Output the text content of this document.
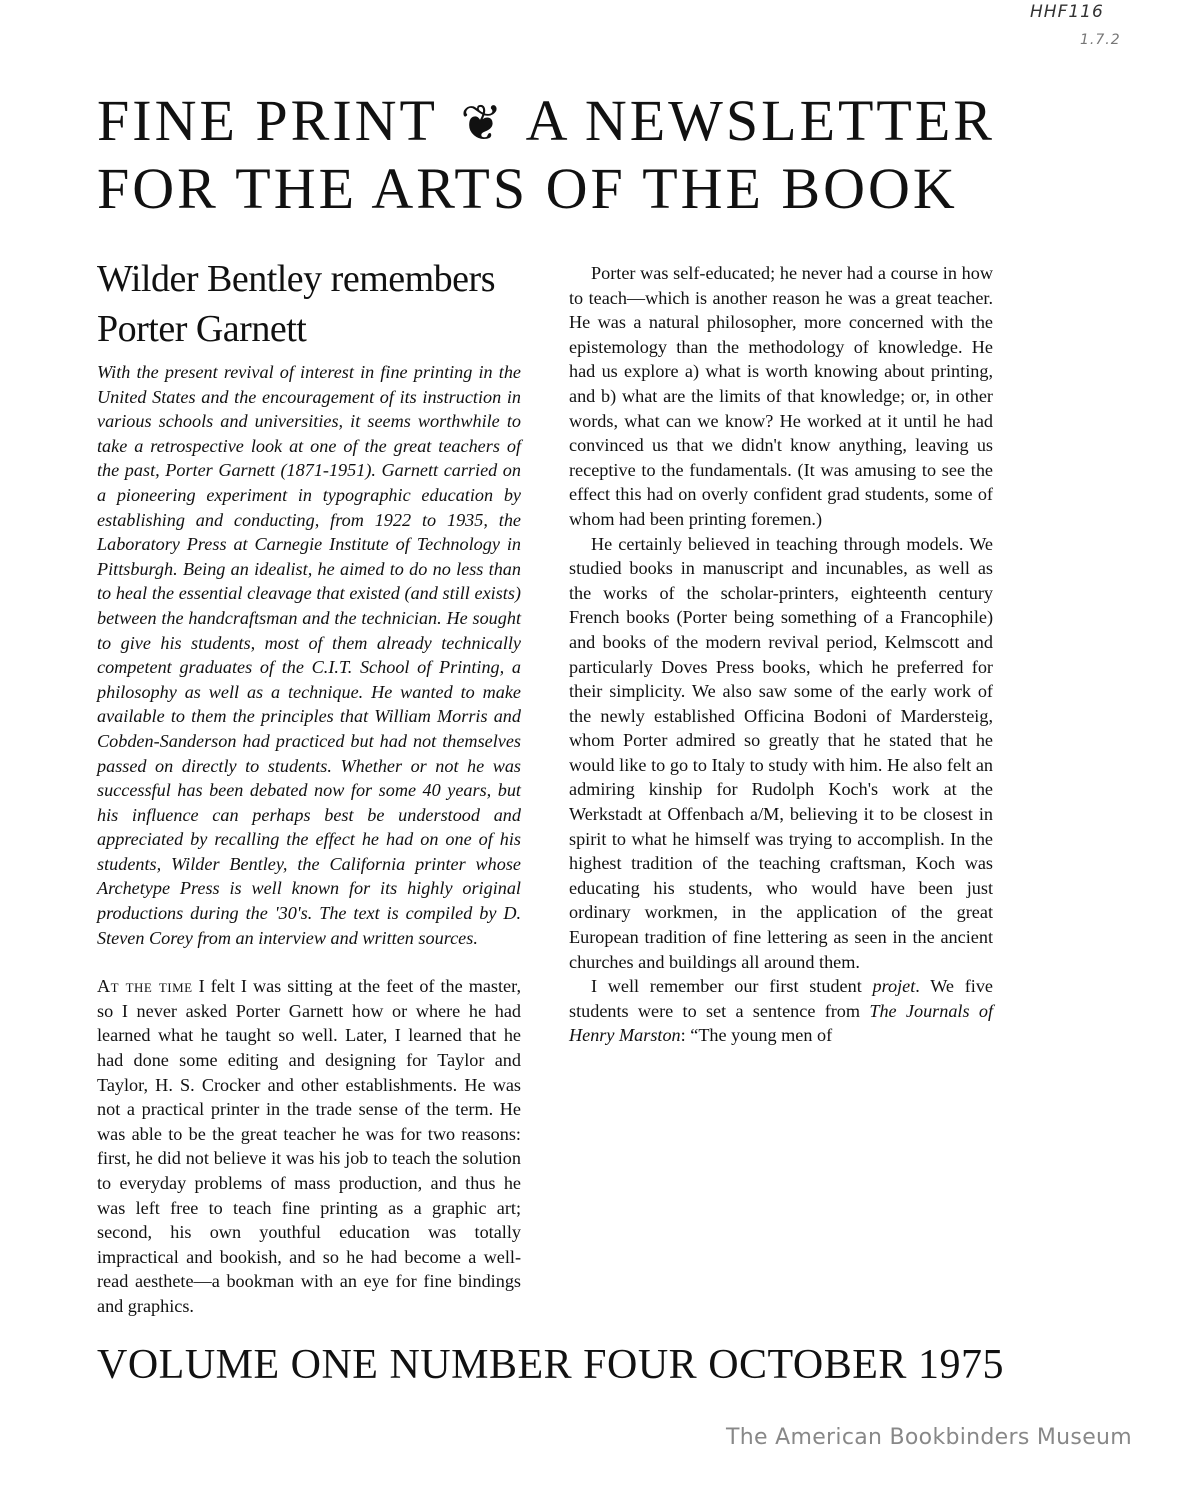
HHF116
1.7.2
FINE PRINT ❦ A NEWSLETTER
FOR THE ARTS OF THE BOOK
Wilder Bentley remembers
Porter Garnett

With the present revival of interest in fine printing in the United States and the encouragement of its instruction in various schools and universities, it seems worthwhile to take a retrospective look at one of the great teachers of the past, Porter Garnett (1871-1951). Garnett carried on a pioneering experiment in typographic education by establishing and conducting, from 1922 to 1935, the Laboratory Press at Carnegie Institute of Technology in Pittsburgh. Being an idealist, he aimed to do no less than to heal the essential cleavage that existed (and still exists) between the handcraftsman and the technician. He sought to give his students, most of them already technically competent graduates of the C.I.T. School of Printing, a philosophy as well as a technique. He wanted to make available to them the principles that William Morris and Cobden-Sanderson had practiced but had not themselves passed on directly to students. Whether or not he was successful has been debated now for some 40 years, but his influence can perhaps best be understood and appreciated by recalling the effect he had on one of his students, Wilder Bentley, the California printer whose Archetype Press is well known for its highly original productions during the '30's. The text is compiled by D. Steven Corey from an interview and written sources.

At the time I felt I was sitting at the feet of the master, so I never asked Porter Garnett how or where he had learned what he taught so well. Later, I learned that he had done some editing and designing for Taylor and Taylor, H. S. Crocker and other establishments. He was not a practical printer in the trade sense of the term. He was able to be the great teacher he was for two reasons: first, he did not believe it was his job to teach the solution to everyday problems of mass production, and thus he was left free to teach fine printing as a graphic art; second, his own youthful education was totally impractical and bookish, and so he had become a well-read aesthete—a bookman with an eye for fine bindings and graphics.

Porter was self-educated; he never had a course in how to teach—which is another reason he was a great teacher. He was a natural philosopher, more concerned with the epistemology than the methodology of knowledge. He had us explore a) what is worth knowing about printing, and b) what are the limits of that knowledge; or, in other words, what can we know? He worked at it until he had convinced us that we didn't know anything, leaving us receptive to the fundamentals. (It was amusing to see the effect this had on overly confident grad students, some of whom had been printing foremen.)

He certainly believed in teaching through models. We studied books in manuscript and incunables, as well as the works of the scholar-printers, eighteenth century French books (Porter being something of a Francophile) and books of the modern revival period, Kelmscott and particularly Doves Press books, which he preferred for their simplicity. We also saw some of the early work of the newly established Officina Bodoni of Mardersteig, whom Porter admired so greatly that he stated that he would like to go to Italy to study with him. He also felt an admiring kinship for Rudolph Koch's work at the Werkstadt at Offenbach a/M, believing it to be closest in spirit to what he himself was trying to accomplish. In the highest tradition of the teaching craftsman, Koch was educating his students, who would have been just ordinary workmen, in the application of the great European tradition of fine lettering as seen in the ancient churches and buildings all around them.

I well remember our first student projet. We five students were to set a sentence from The Journals of Henry Marston: “The young men of

VOLUME ONE NUMBER FOUR OCTOBER 1975
The American Bookbinders Museum
